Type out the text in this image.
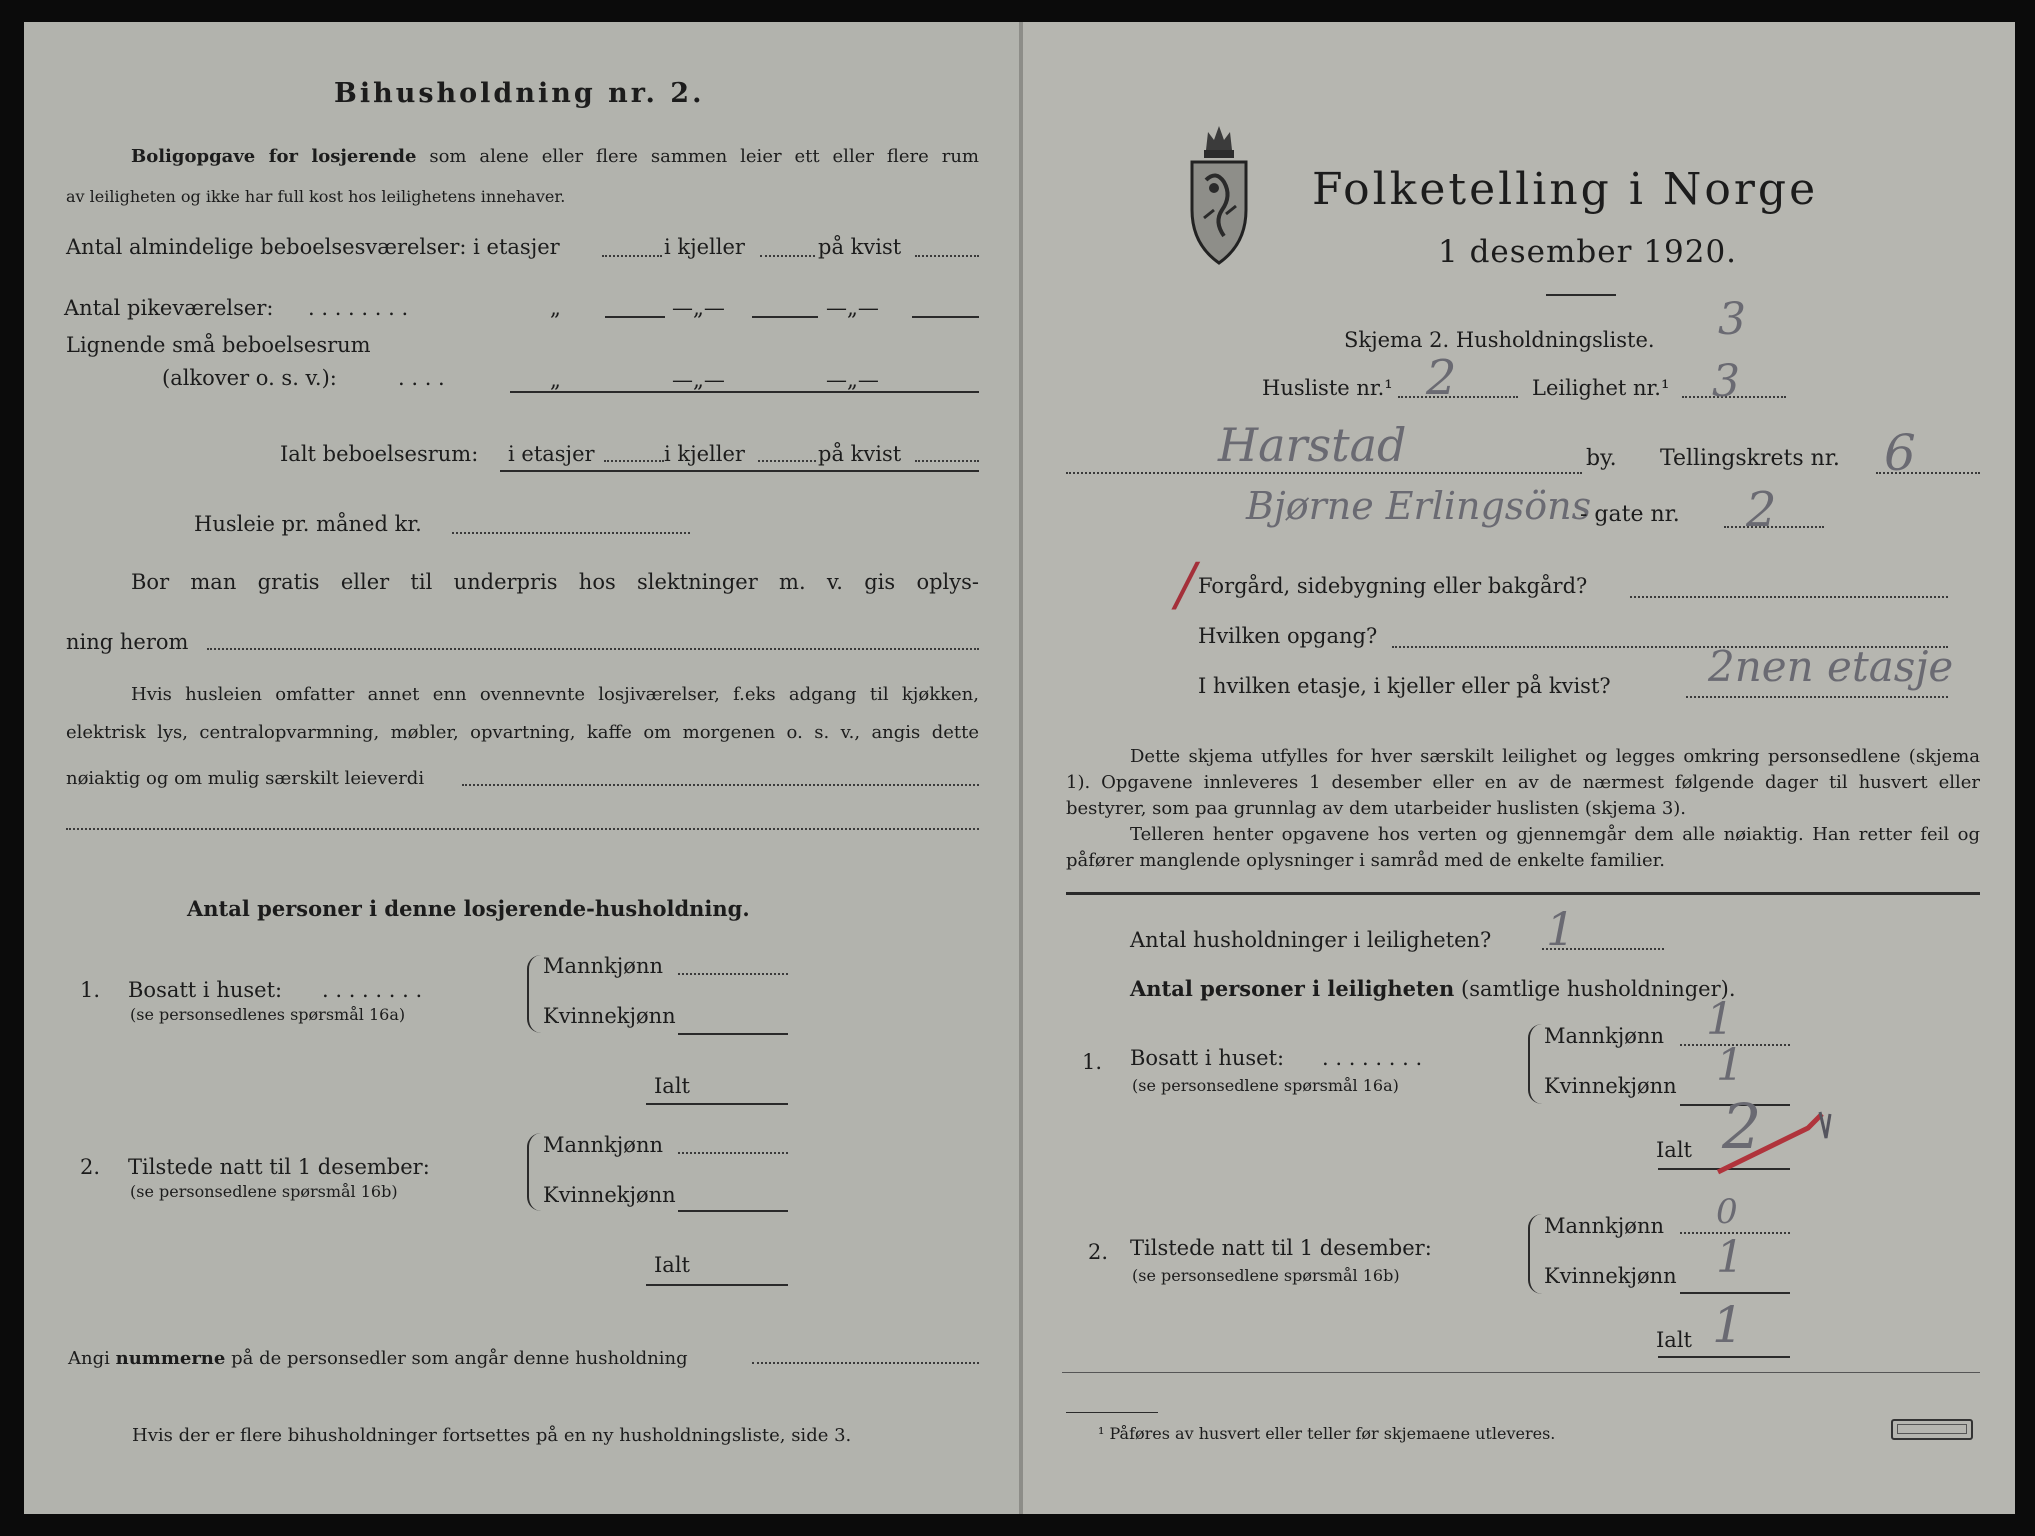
Bihusholdning nr. 2.
Boligopgave for losjerende som alene eller flere sammen leier ett eller flere rum
av leiligheten og ikke har full kost hos leilighetens innehaver.
Antal almindelige beboelsesværelser: i etasjer	i kjeller	på kvist
Antal pikeværelser: . . . . . . . .	„	—„—	—„—
Lignende små beboelsesrum
(alkover o. s. v.):	. . . .	„	—„—	—„—
Ialt beboelsesrum: i etasjer	i kjeller	på kvist
Husleie pr. måned kr.
Bor man gratis eller til underpris hos slektninger m. v. gis oplys-
ning herom
Hvis husleien omfatter annet enn ovennevnte losjiværelser, f.eks adgang til kjøkken,
elektrisk lys, centralopvarmning, møbler, opvartning, kaffe om morgenen o. s. v., angis dette
nøiaktig og om mulig særskilt leieverdi
Antal personer i denne losjerende-husholdning.
1. Bosatt i huset: . . . . . . . .
(se personsedlenes spørsmål 16a)
Mannkjønn
Kvinnekjønn
Ialt
2. Tilstede natt til 1 desember:
(se personsedlene spørsmål 16b)
Mannkjønn
Kvinnekjønn
Ialt
Angi nummerne på de personsedler som angår denne husholdning
Hvis der er flere bihusholdninger fortsettes på en ny husholdningsliste, side 3.
Folketelling i Norge
1 desember 1920.
Skjema 2. Husholdningsliste. 3
Husliste nr.¹ 2	Leilighet nr.¹ 3
Harstad	by. Tellingskrets nr. 6
Bjørne Erlingsöns
- gate nr. 2
/ Forgård, sidebygning eller bakgård?
Hvilken opgang?
I hvilken etasje, i kjeller eller på kvist? 2nen etasje
Dette skjema utfylles for hver særskilt leilighet og legges omkring personsedlene (skjema 1). Opgavene innleveres 1 desember eller en av de nærmest følgende dager til husvert eller bestyrer, som paa grunnlag av dem utarbeider huslisten (skjema 3).
Telleren henter opgavene hos verten og gjennemgår dem alle nøiaktig. Han retter feil og påfører manglende oplysninger i samråd med de enkelte familier.
Antal husholdninger i leiligheten? 1
Antal personer i leiligheten (samtlige husholdninger).
1. Bosatt i huset: . . . . . . . .
(se personsedlene spørsmål 16a)
Mannkjønn 1
Kvinnekjønn 1
Ialt 2
2. Tilstede natt til 1 desember:
(se personsedlene spørsmål 16b)
Mannkjønn 0
Kvinnekjønn 1
Ialt 1
¹ Påføres av husvert eller teller før skjemaene utleveres.
